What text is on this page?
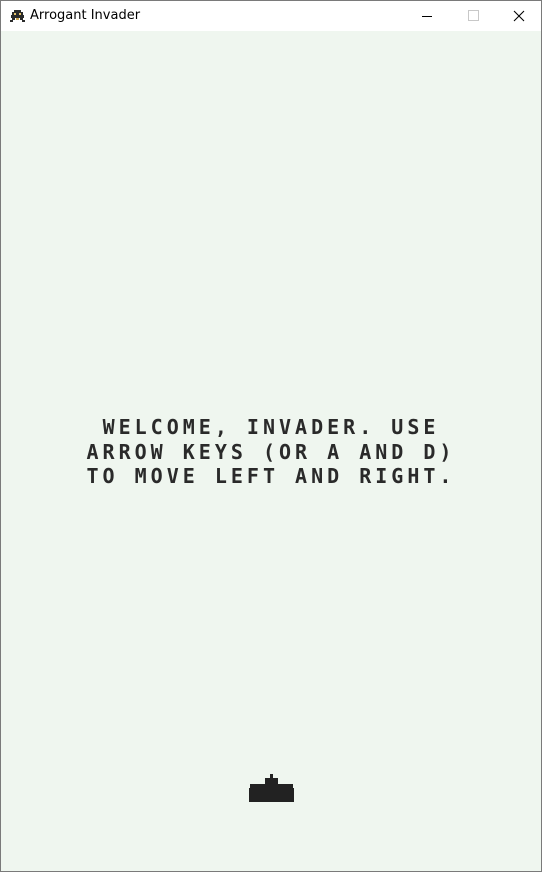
Arrogant Invader
WELCOME, INVADER. USE
ARROW KEYS (OR A AND D)
TO MOVE LEFT AND RIGHT.
